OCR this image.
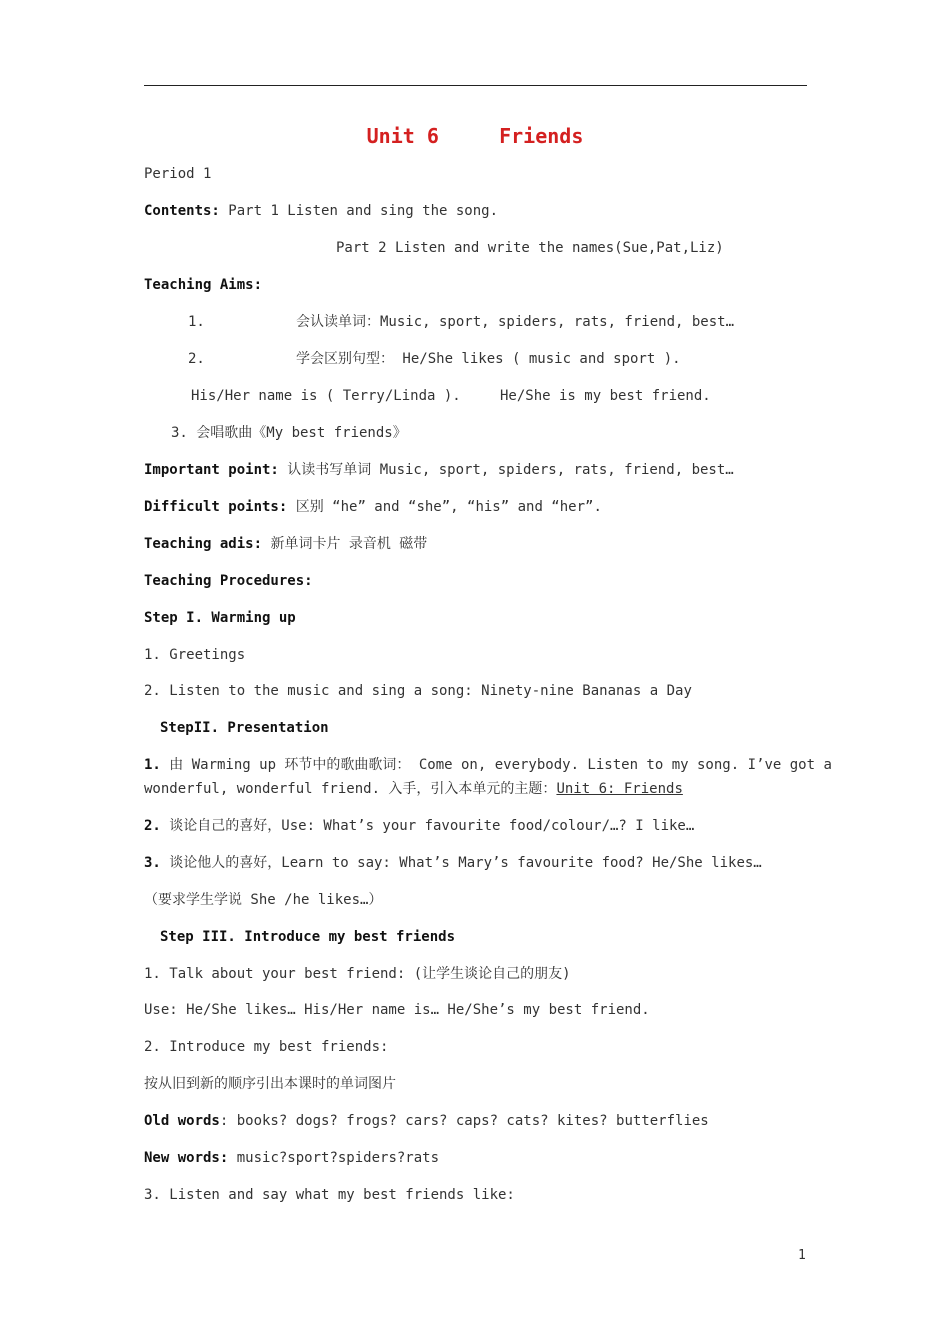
Unit 6     Friends
Period 1
Contents: Part 1 Listen and sing the song.
Part 2 Listen and write the names(Sue,Pat,Liz)
Teaching Aims:
1.	会认读单词：Music, sport, spiders, rats, friend, best…
2.	学会区别句型： He/She likes ( music and sport ).
His/Her name is ( Terry/Linda ).	He/She is my best friend.
3. 会唱歌曲《My best friends》
Important point: 认读书写单词 Music, sport, spiders, rats, friend, best…
Difficult points: 区别 “he” and “she”, “his” and “her”.
Teaching adis: 新单词卡片 录音机 磁带
Teaching Procedures:
Step I. Warming up
1. Greetings
2. Listen to the music and sing a song: Ninety-nine Bananas a Day
StepII. Presentation
1. 由 Warming up 环节中的歌曲歌词： Come on, everybody. Listen to my song. I’ve got a
wonderful, wonderful friend. 入手，引入本单元的主题：Unit 6: Friends
2. 谈论自己的喜好，Use: What’s your favourite food/colour/…? I like…
3. 谈论他人的喜好，Learn to say: What’s Mary’s favourite food? He/She likes…
（要求学生学说 She /he likes…）
Step III. Introduce my best friends
1. Talk about your best friend: (让学生谈论自己的朋友)
Use: He/She likes… His/Her name is… He/She’s my best friend.
2. Introduce my best friends:
按从旧到新的顺序引出本课时的单词图片
Old words: books? dogs? frogs? cars? caps? cats? kites? butterflies
New words: music?sport?spiders?rats
3. Listen and say what my best friends like:
1
